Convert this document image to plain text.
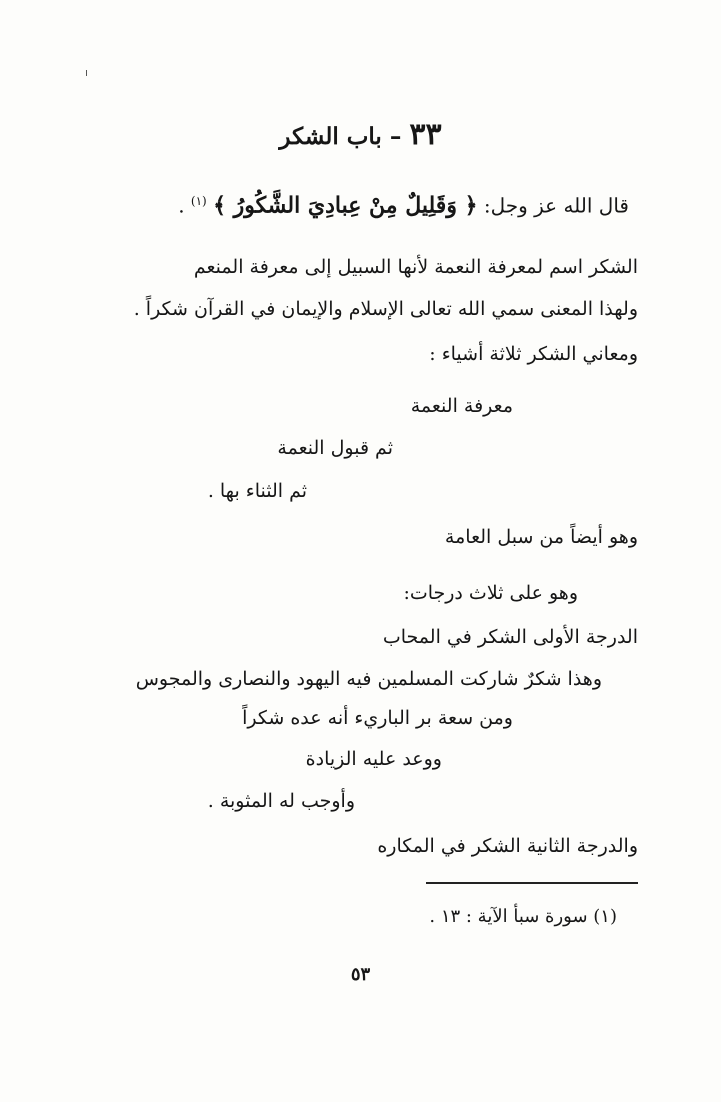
٣٣ – باب الشكر
قال الله عز وجل: ﴿ وَقَلِيلٌ مِنْ عِبادِيَ الشَّكُورُ ﴾ $^{(١)}$ .
الشكر اسم لمعرفة النعمة لأنها السبيل إلى معرفة المنعم
ولهذا المعنى سمي الله تعالى الإسلام والإيمان في القرآن شكراً .
ومعاني الشكر ثلاثة أشياء :
معرفة النعمة
ثم قبول النعمة
ثم الثناء بها .
وهو أيضاً من سبل العامة
وهو على ثلاث درجات:
الدرجة الأولى الشكر في المحاب
وهذا شكرٌ شاركت المسلمين فيه اليهود والنصارى والمجوس
ومن سعة بر الباريء أنه عده شكراً
ووعد عليه الزيادة
وأوجب له المثوبة .
والدرجة الثانية الشكر في المكاره
(١) سورة سبأ الآية : ١٣ .
٥٣
